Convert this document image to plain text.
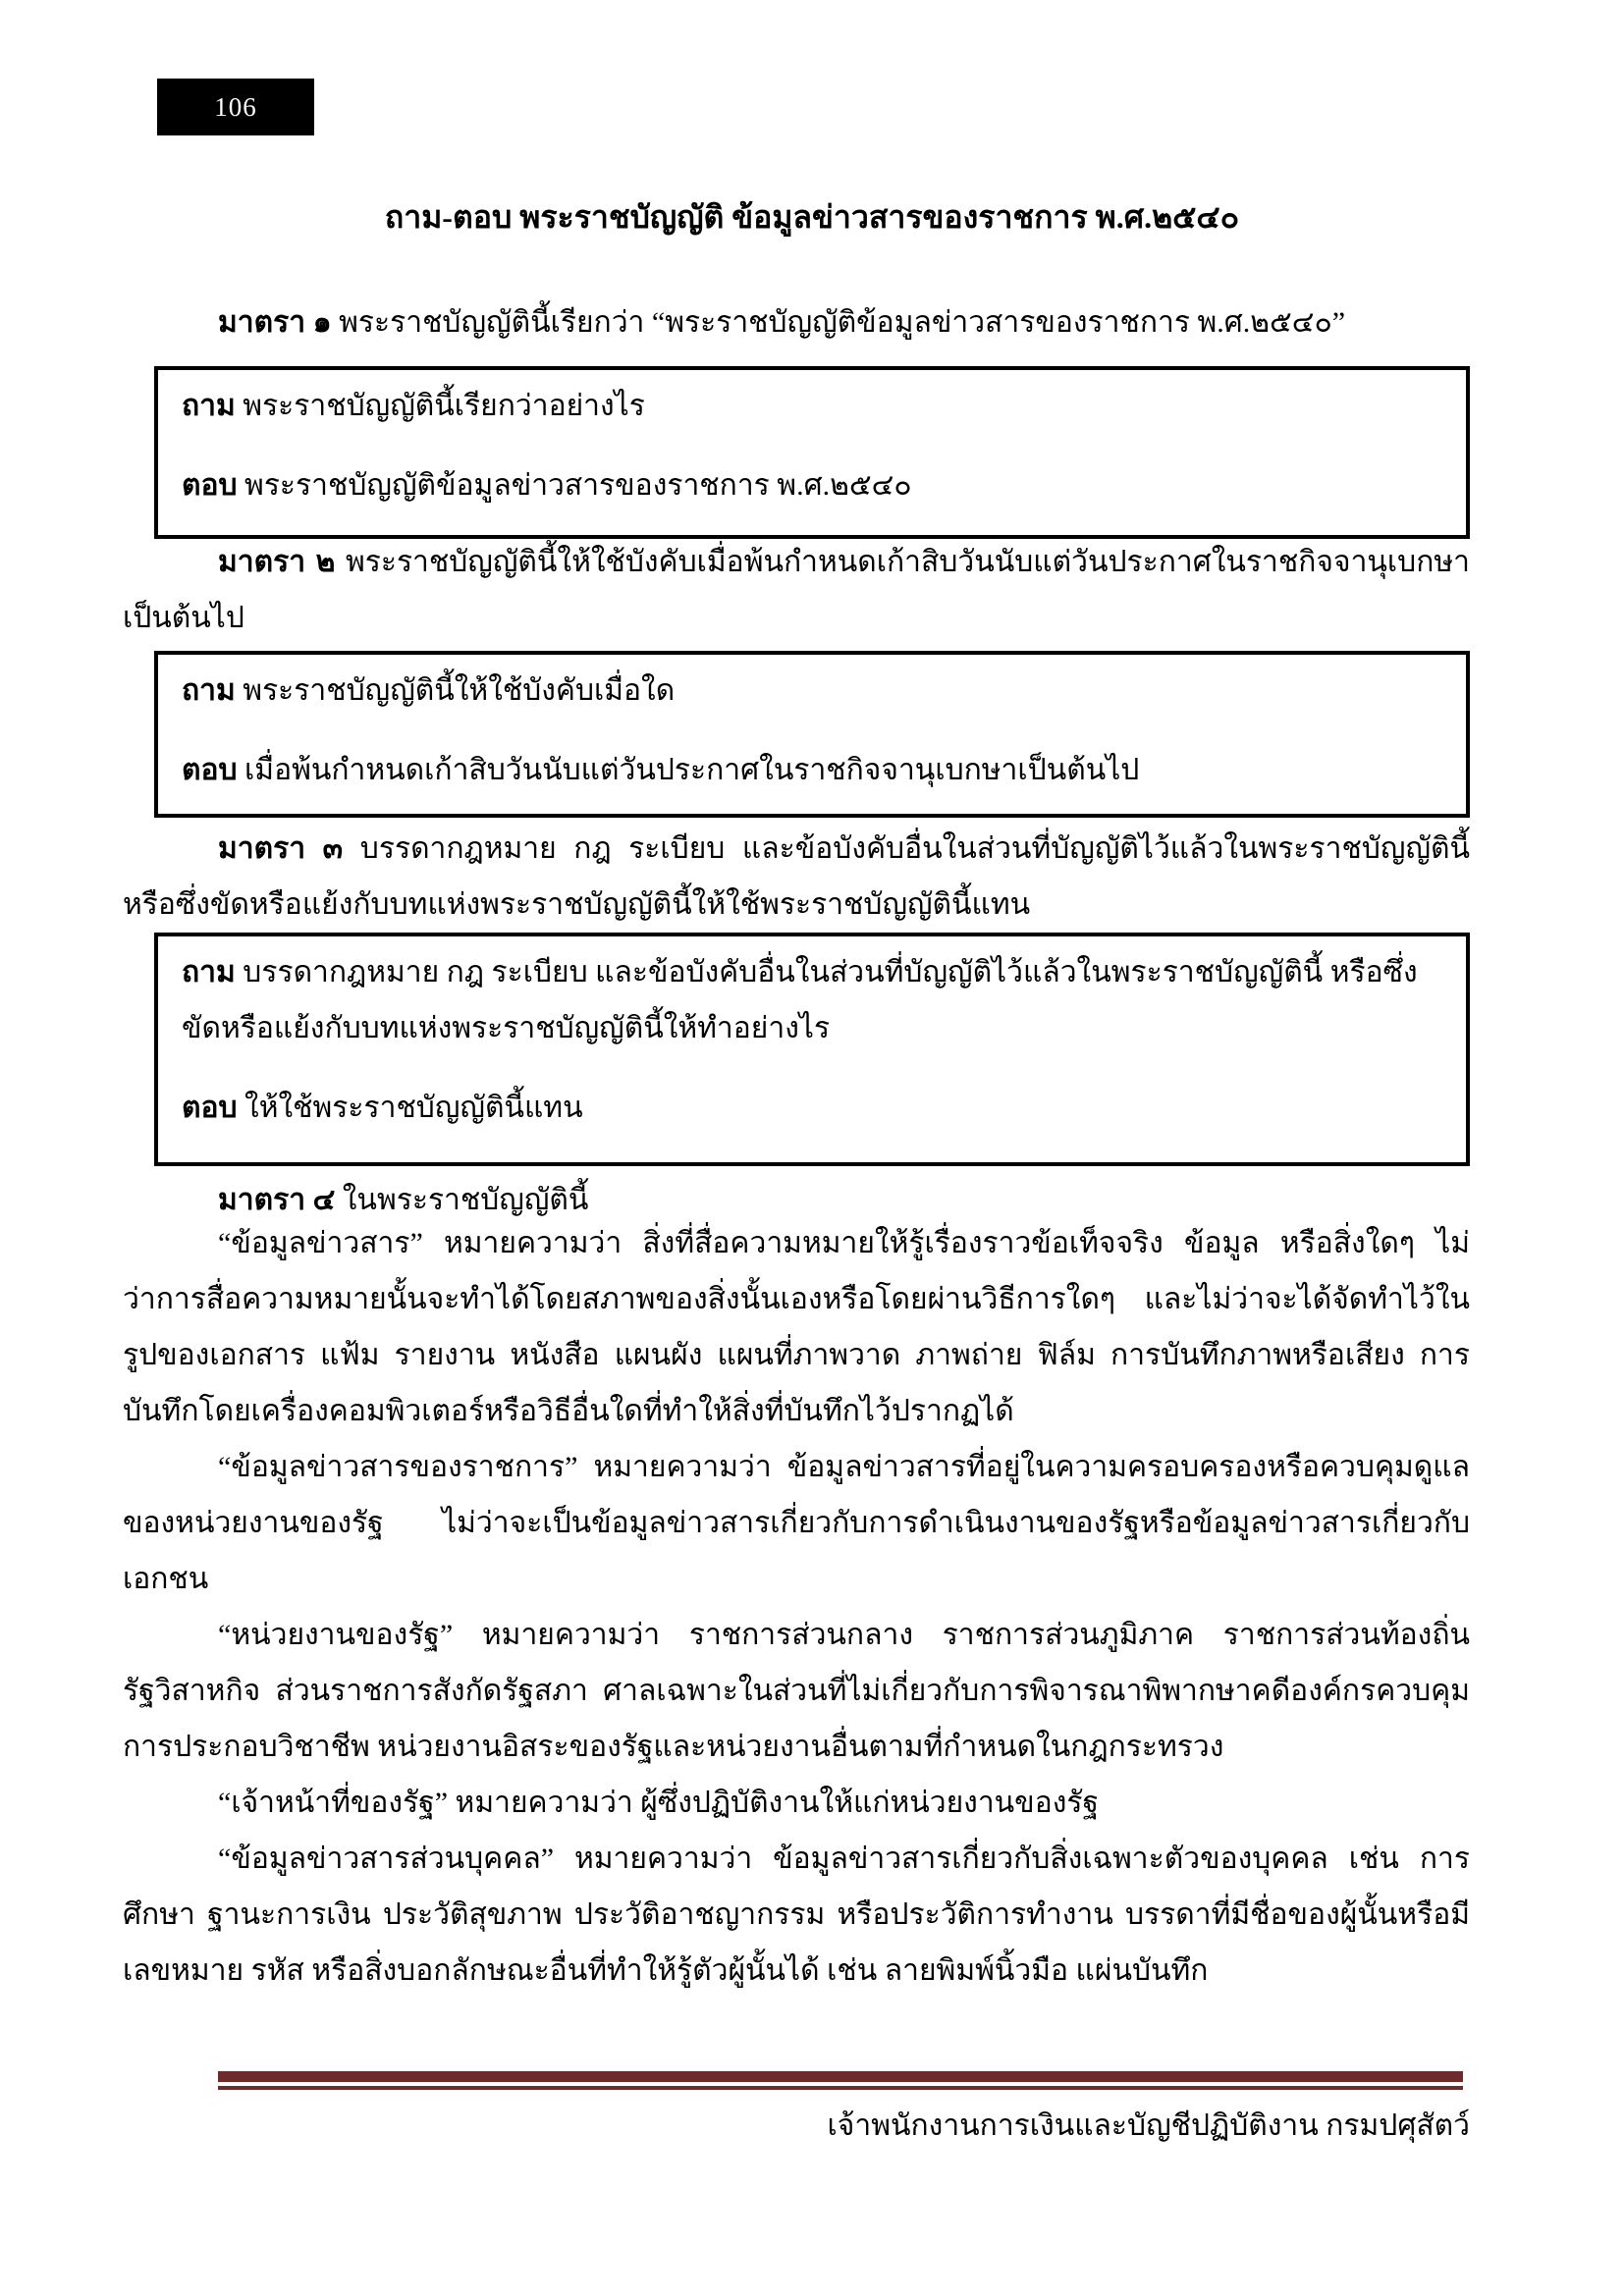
106
ถาม-ตอบ พระราชบัญญัติ ข้อมูลข่าวสารของราชการ พ.ศ.๒๕๔๐

มาตรา ๑ พระราชบัญญัตินี้เรียกว่า “พระราชบัญญัติข้อมูลข่าวสารของราชการ พ.ศ.๒๕๔๐”

ถาม พระราชบัญญัตินี้เรียกว่าอย่างไร

ตอบ พระราชบัญญัติข้อมูลข่าวสารของราชการ พ.ศ.๒๕๔๐

มาตรา ๒ พระราชบัญญัตินี้ให้ใช้บังคับเมื่อพ้นกำหนดเก้าสิบวันนับแต่วันประกาศในราชกิจจานุเบกษาเป็นต้นไป

ถาม พระราชบัญญัตินี้ให้ใช้บังคับเมื่อใด

ตอบ เมื่อพ้นกำหนดเก้าสิบวันนับแต่วันประกาศในราชกิจจานุเบกษาเป็นต้นไป

มาตรา ๓ บรรดากฎหมาย กฎ ระเบียบ และข้อบังคับอื่นในส่วนที่บัญญัติไว้แล้วในพระราชบัญญัตินี้ หรือซึ่งขัดหรือแย้งกับบทแห่งพระราชบัญญัตินี้ให้ใช้พระราชบัญญัตินี้แทน

ถาม บรรดากฎหมาย กฎ ระเบียบ และข้อบังคับอื่นในส่วนที่บัญญัติไว้แล้วในพระราชบัญญัตินี้ หรือซึ่งขัดหรือแย้งกับบทแห่งพระราชบัญญัตินี้ให้ทำอย่างไร

ตอบ ให้ใช้พระราชบัญญัตินี้แทน

มาตรา ๔ ในพระราชบัญญัตินี้

“ข้อมูลข่าวสาร” หมายความว่า สิ่งที่สื่อความหมายให้รู้เรื่องราวข้อเท็จจริง ข้อมูล หรือสิ่งใดๆ ไม่ว่าการสื่อความหมายนั้นจะทำได้โดยสภาพของสิ่งนั้นเองหรือโดยผ่านวิธีการใดๆ และไม่ว่าจะได้จัดทำไว้ในรูปของเอกสาร แฟ้ม รายงาน หนังสือ แผนผัง แผนที่ภาพวาด ภาพถ่าย ฟิล์ม การบันทึกภาพหรือเสียง การบันทึกโดยเครื่องคอมพิวเตอร์หรือวิธีอื่นใดที่ทำให้สิ่งที่บันทึกไว้ปรากฏได้

“ข้อมูลข่าวสารของราชการ” หมายความว่า ข้อมูลข่าวสารที่อยู่ในความครอบครองหรือควบคุมดูแลของหน่วยงานของรัฐ ไม่ว่าจะเป็นข้อมูลข่าวสารเกี่ยวกับการดำเนินงานของรัฐหรือข้อมูลข่าวสารเกี่ยวกับเอกชน

“หน่วยงานของรัฐ” หมายความว่า ราชการส่วนกลาง ราชการส่วนภูมิภาค ราชการส่วนท้องถิ่น รัฐวิสาหกิจ ส่วนราชการสังกัดรัฐสภา ศาลเฉพาะในส่วนที่ไม่เกี่ยวกับการพิจารณาพิพากษาคดีองค์กรควบคุมการประกอบวิชาชีพ หน่วยงานอิสระของรัฐและหน่วยงานอื่นตามที่กำหนดในกฎกระทรวง

“เจ้าหน้าที่ของรัฐ” หมายความว่า ผู้ซึ่งปฏิบัติงานให้แก่หน่วยงานของรัฐ

“ข้อมูลข่าวสารส่วนบุคคล” หมายความว่า ข้อมูลข่าวสารเกี่ยวกับสิ่งเฉพาะตัวของบุคคล เช่น การศึกษา ฐานะการเงิน ประวัติสุขภาพ ประวัติอาชญากรรม หรือประวัติการทำงาน บรรดาที่มีชื่อของผู้นั้นหรือมีเลขหมาย รหัส หรือสิ่งบอกลักษณะอื่นที่ทำให้รู้ตัวผู้นั้นได้ เช่น ลายพิมพ์นิ้วมือ แผ่นบันทึก

เจ้าพนักงานการเงินและบัญชีปฏิบัติงาน กรมปศุสัตว์
